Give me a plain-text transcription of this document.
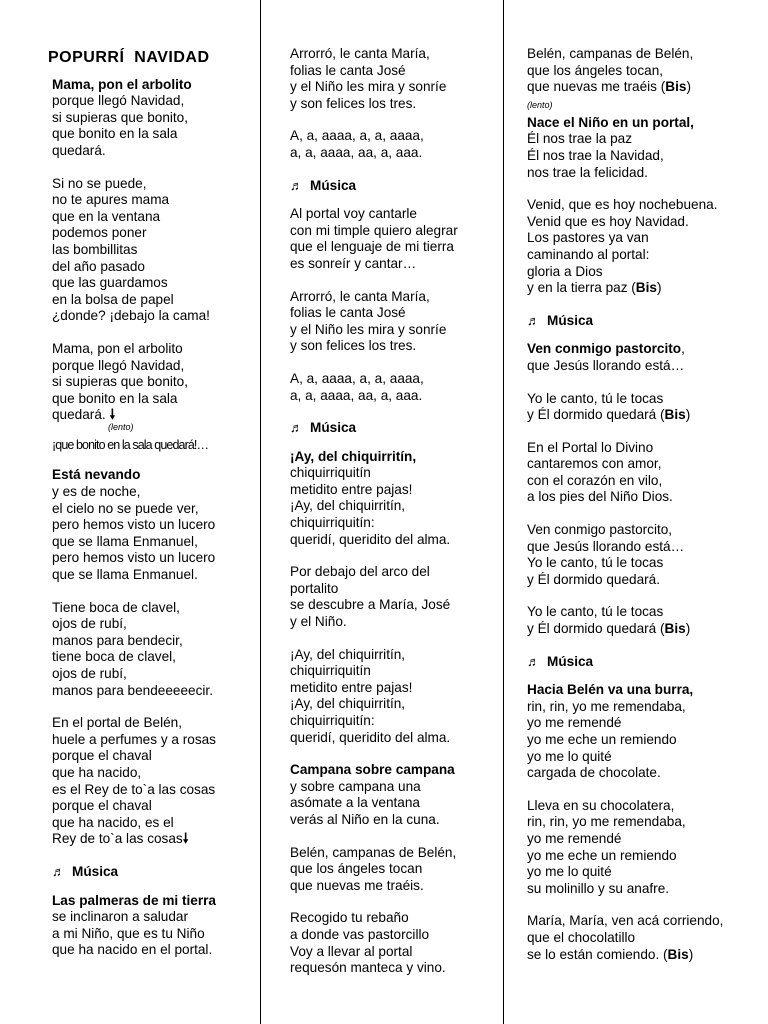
POPURRÍ  NAVIDAD
Mama, pon el arbolito
porque llegó Navidad,
si supieras que bonito,
que bonito en la sala
quedará.
Si no se puede,
no te apures mama
que en la ventana
podemos poner
las bombillitas
del año pasado
que las guardamos
en la bolsa de papel
¿donde? ¡debajo la cama!
Mama, pon el arbolito
porque llegó Navidad,
si supieras que bonito,
que bonito en la sala
quedará. 🠗
(lento)
¡que bonito en la sala quedará!…
Está nevando
y es de noche,
el cielo no se puede ver,
pero hemos visto un lucero
que se llama Enmanuel,
pero hemos visto un lucero
que se llama Enmanuel.
Tiene boca de clavel,
ojos de rubí,
manos para bendecir,
tiene boca de clavel,
ojos de rubí,
manos para bendeeeeecir.
En el portal de Belén,
huele a perfumes y a rosas
porque el chaval
que ha nacido,
es el Rey de to`a las cosas
porque el chaval
que ha nacido, es el
Rey de to`a las cosas🠗
♬ Música
Las palmeras de mi tierra
se inclinaron a saludar
a mi Niño, que es tu Niño
que ha nacido en el portal.
Arrorró, le canta María,
folias le canta José
y el Niño les mira y sonríe
y son felices los tres.
A, a, aaaa, a, a, aaaa,
a, a, aaaa, aa, a, aaa.
♬ Música
Al portal voy cantarle
con mi timple quiero alegrar
que el lenguaje de mi tierra
es sonreír y cantar…
Arrorró, le canta María,
folias le canta José
y el Niño les mira y sonríe
y son felices los tres.
A, a, aaaa, a, a, aaaa,
a, a, aaaa, aa, a, aaa.
♬ Música
¡Ay, del chiquirritín,
chiquirriquitín
metidito entre pajas!
¡Ay, del chiquirritín,
chiquirriquitín:
queridí, queridito del alma.
Por debajo del arco del
portalito
se descubre a María, José
y el Niño.
¡Ay, del chiquirritín,
chiquirriquitín
metidito entre pajas!
¡Ay, del chiquirritín,
chiquirriquitín:
queridí, queridito del alma.
Campana sobre campana
y sobre campana una
asómate a la ventana
verás al Niño en la cuna.
Belén, campanas de Belén,
que los ángeles tocan
que nuevas me traéis.
Recogido tu rebaño
a donde vas pastorcillo
Voy a llevar al portal
requesón manteca y vino.
Belén, campanas de Belén,
que los ángeles tocan,
que nuevas me traéis (Bis)
(lento)
Nace el Niño en un portal,
Él nos trae la paz
Él nos trae la Navidad,
nos trae la felicidad.
Venid, que es hoy nochebuena.
Venid que es hoy Navidad.
Los pastores ya van
caminando al portal:
gloria a Dios
y en la tierra paz (Bis)
♬ Música
Ven conmigo pastorcito,
que Jesús llorando está…
Yo le canto, tú le tocas
y Él dormido quedará (Bis)
En el Portal lo Divino
cantaremos con amor,
con el corazón en vilo,
a los pies del Niño Dios.
Ven conmigo pastorcito,
que Jesús llorando está…
Yo le canto, tú le tocas
y Él dormido quedará.
Yo le canto, tú le tocas
y Él dormido quedará (Bis)
♬ Música
Hacia Belén va una burra,
rin, rin, yo me remendaba,
yo me remendé
yo me eche un remiendo
yo me lo quité
cargada de chocolate.
Lleva en su chocolatera,
rin, rin, yo me remendaba,
yo me remendé
yo me eche un remiendo
yo me lo quité
su molinillo y su anafre.
María, María, ven acá corriendo,
que el chocolatillo
se lo están comiendo. (Bis)
